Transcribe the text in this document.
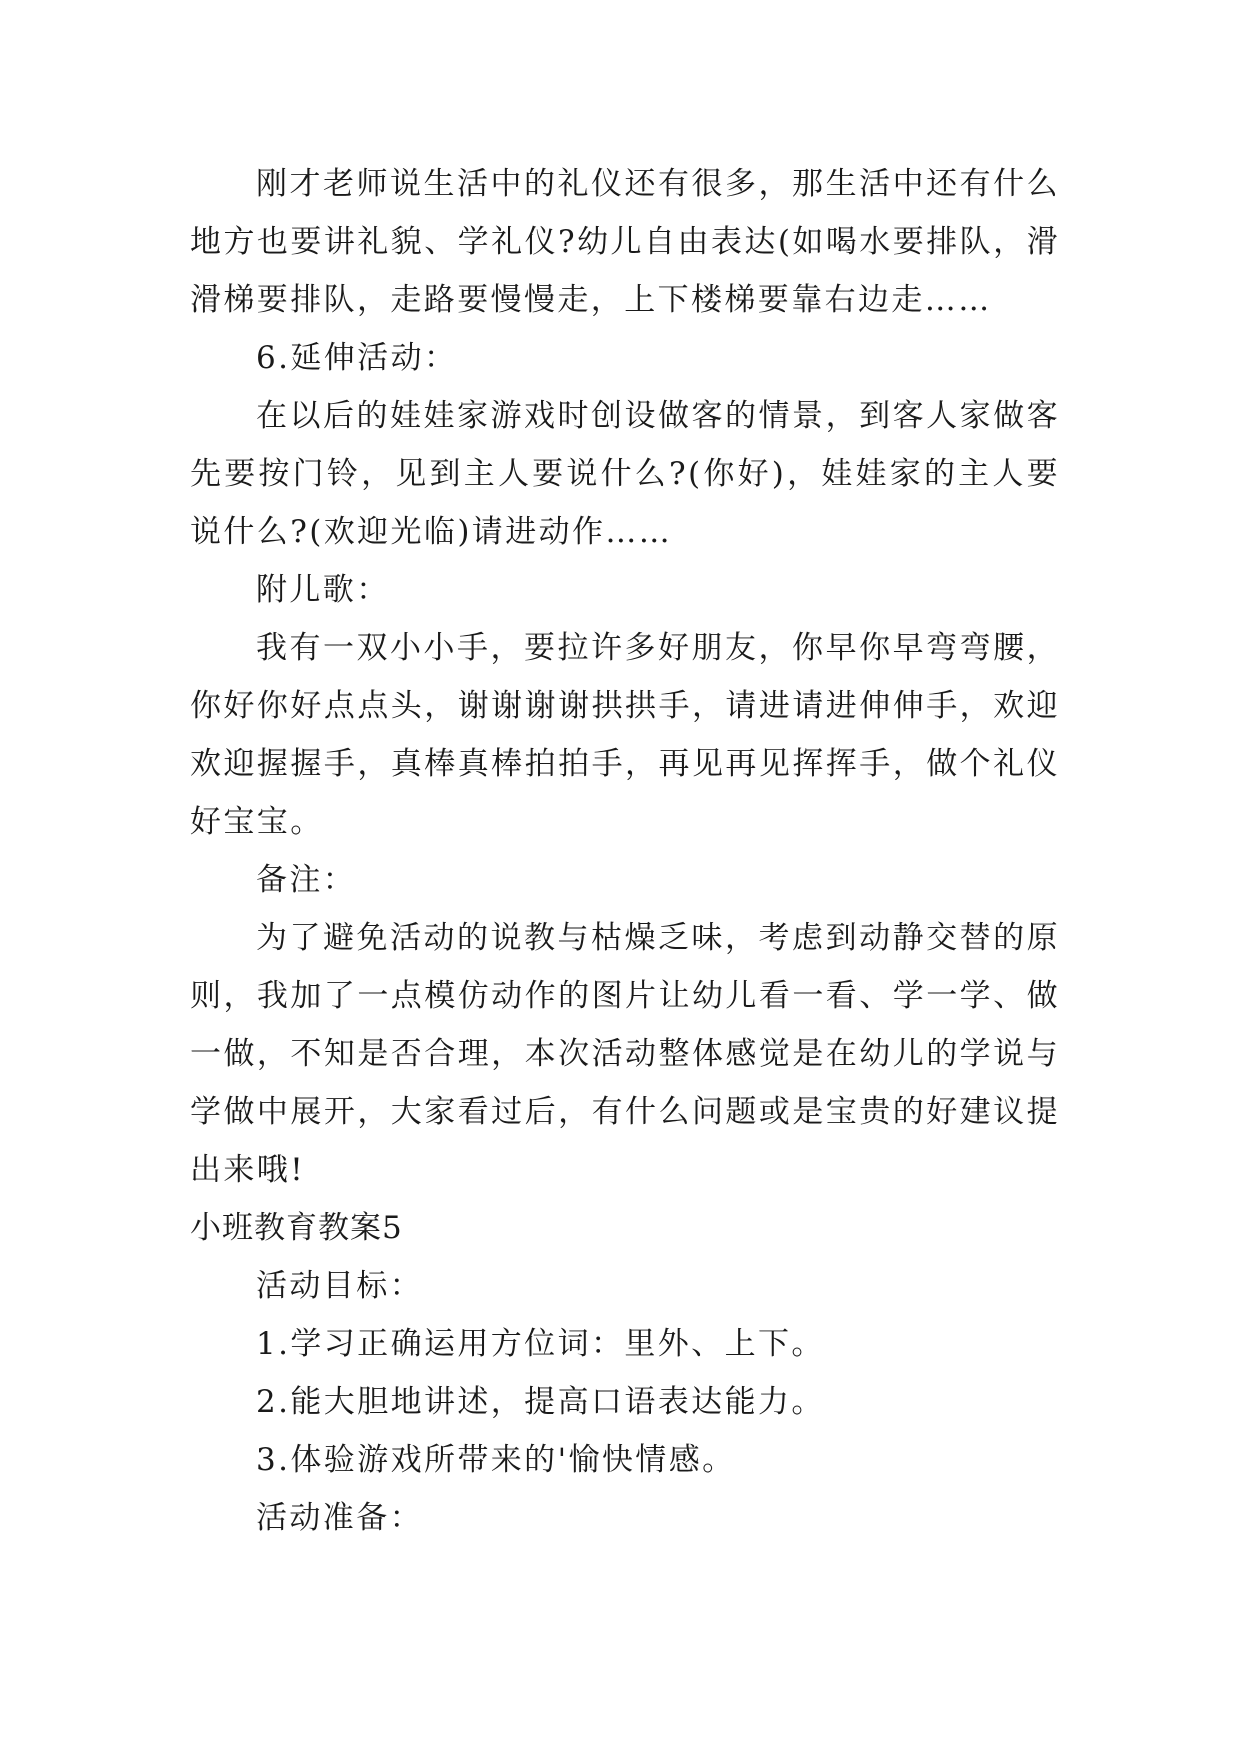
刚才老师说生活中的礼仪还有很多，那生活中还有什么地方也要讲礼貌、学礼仪?幼儿自由表达(如喝水要排队，滑滑梯要排队，走路要慢慢走，上下楼梯要靠右边走……

6.延伸活动：

在以后的娃娃家游戏时创设做客的情景，到客人家做客先要按门铃，见到主人要说什么?(你好)，娃娃家的主人要说什么?(欢迎光临)请进动作……

附儿歌：

我有一双小小手，要拉许多好朋友，你早你早弯弯腰，你好你好点点头，谢谢谢谢拱拱手，请进请进伸伸手，欢迎欢迎握握手，真棒真棒拍拍手，再见再见挥挥手，做个礼仪好宝宝。

备注：

为了避免活动的说教与枯燥乏味，考虑到动静交替的原则，我加了一点模仿动作的图片让幼儿看一看、学一学、做一做，不知是否合理，本次活动整体感觉是在幼儿的学说与学做中展开，大家看过后，有什么问题或是宝贵的好建议提出来哦!

小班教育教案5

活动目标：

1.学习正确运用方位词：里外、上下。

2.能大胆地讲述，提高口语表达能力。

3.体验游戏所带来的'愉快情感。

活动准备：
